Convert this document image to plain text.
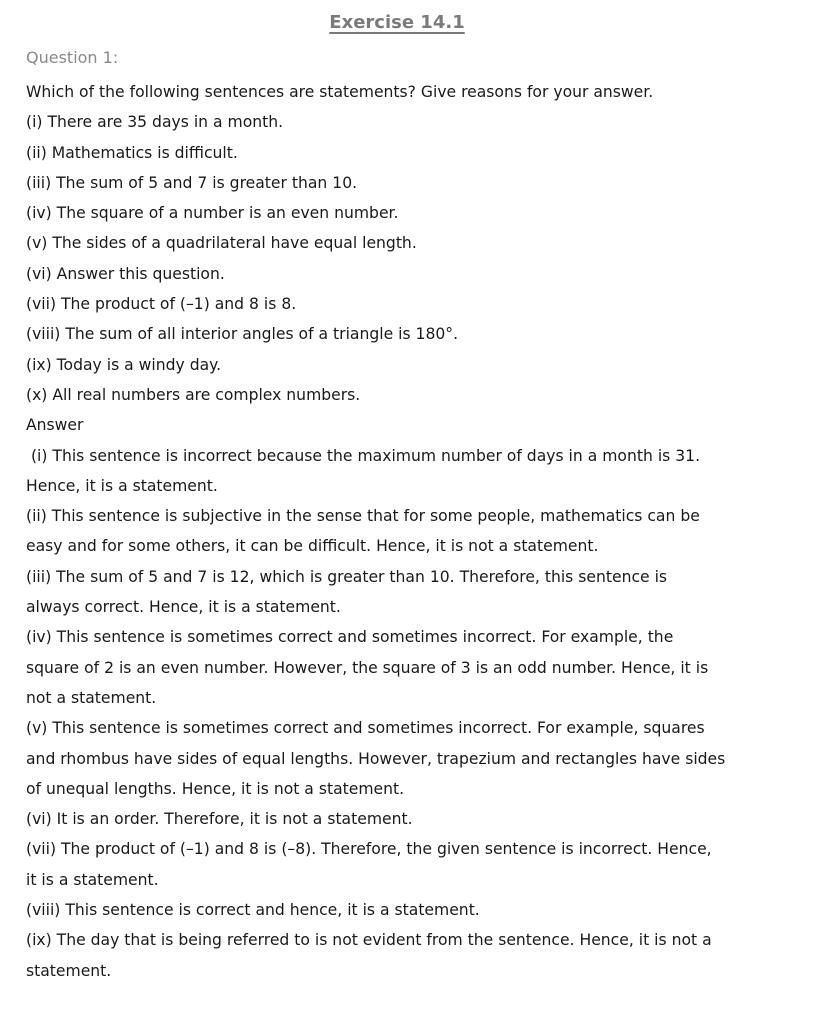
Exercise 14.1
Question 1:
Which of the following sentences are statements? Give reasons for your answer.
(i) There are 35 days in a month.
(ii) Mathematics is difficult.
(iii) The sum of 5 and 7 is greater than 10.
(iv) The square of a number is an even number.
(v) The sides of a quadrilateral have equal length.
(vi) Answer this question.
(vii) The product of (–1) and 8 is 8.
(viii) The sum of all interior angles of a triangle is 180°.
(ix) Today is a windy day.
(x) All real numbers are complex numbers.
Answer
(i) This sentence is incorrect because the maximum number of days in a month is 31.
Hence, it is a statement.
(ii) This sentence is subjective in the sense that for some people, mathematics can be
easy and for some others, it can be difficult. Hence, it is not a statement.
(iii) The sum of 5 and 7 is 12, which is greater than 10. Therefore, this sentence is
always correct. Hence, it is a statement.
(iv) This sentence is sometimes correct and sometimes incorrect. For example, the
square of 2 is an even number. However, the square of 3 is an odd number. Hence, it is
not a statement.
(v) This sentence is sometimes correct and sometimes incorrect. For example, squares
and rhombus have sides of equal lengths. However, trapezium and rectangles have sides
of unequal lengths. Hence, it is not a statement.
(vi) It is an order. Therefore, it is not a statement.
(vii) The product of (–1) and 8 is (–8). Therefore, the given sentence is incorrect. Hence,
it is a statement.
(viii) This sentence is correct and hence, it is a statement.
(ix) The day that is being referred to is not evident from the sentence. Hence, it is not a
statement.
